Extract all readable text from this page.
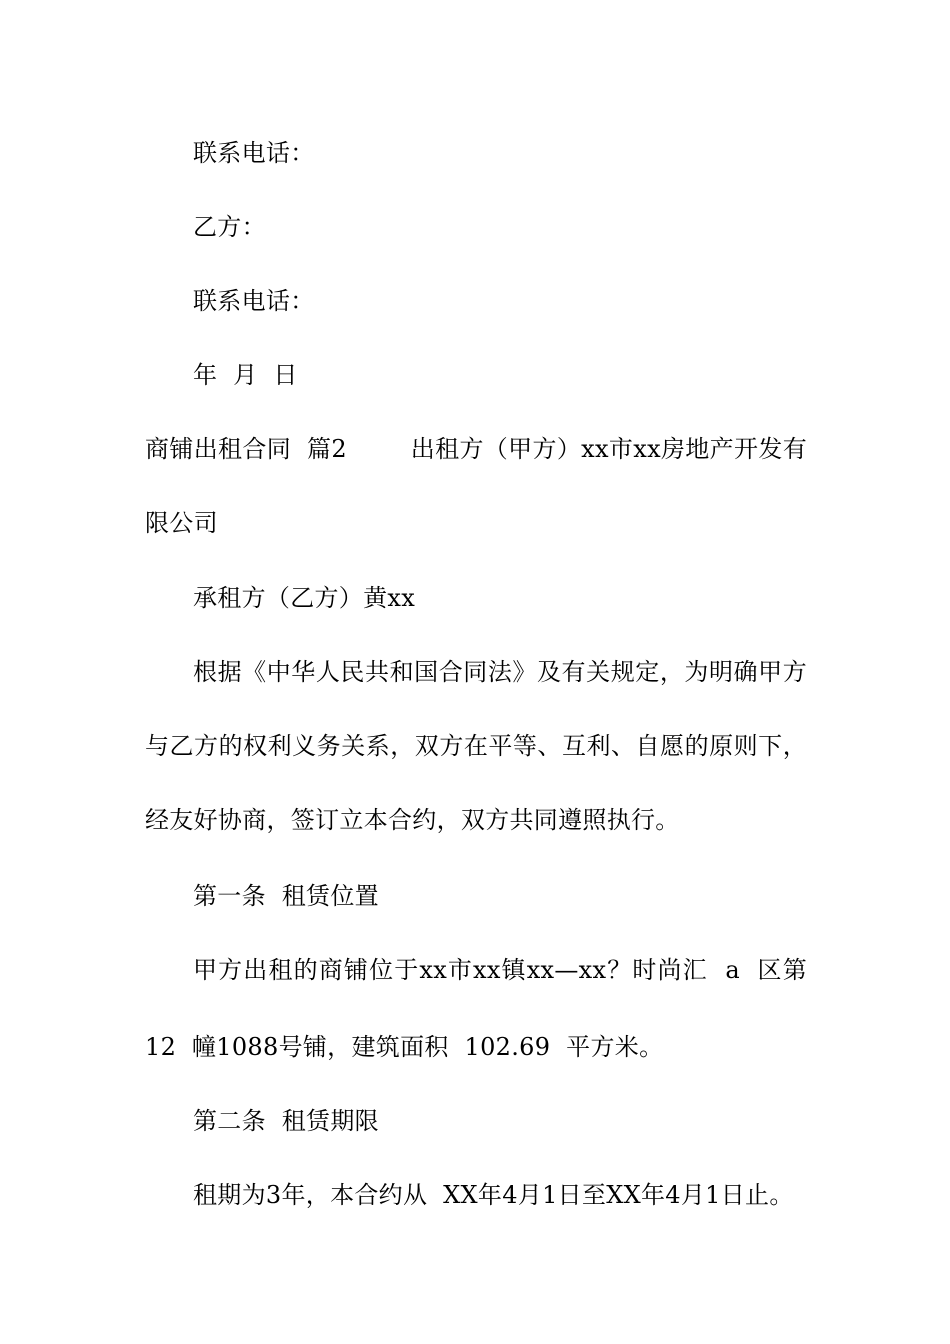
联系电话：
乙方：
联系电话：
年  月  日
商铺出租合同  篇2        出租方（甲方）xx市xx房地产开发有
限公司
承租方（乙方）黄xx
根据《中华人民共和国合同法》及有关规定，为明确甲方
与乙方的权利义务关系，双方在平等、互利、自愿的原则下，
经友好协商，签订立本合约，双方共同遵照执行。
第一条  租赁位置
甲方出租的商铺位于xx市xx镇xx—xx？时尚汇  a  区第
12  幢1088号铺，建筑面积  102.69  平方米。
第二条  租赁期限
租期为3年，本合约从  XX年4月1日至XX年4月1日止。
